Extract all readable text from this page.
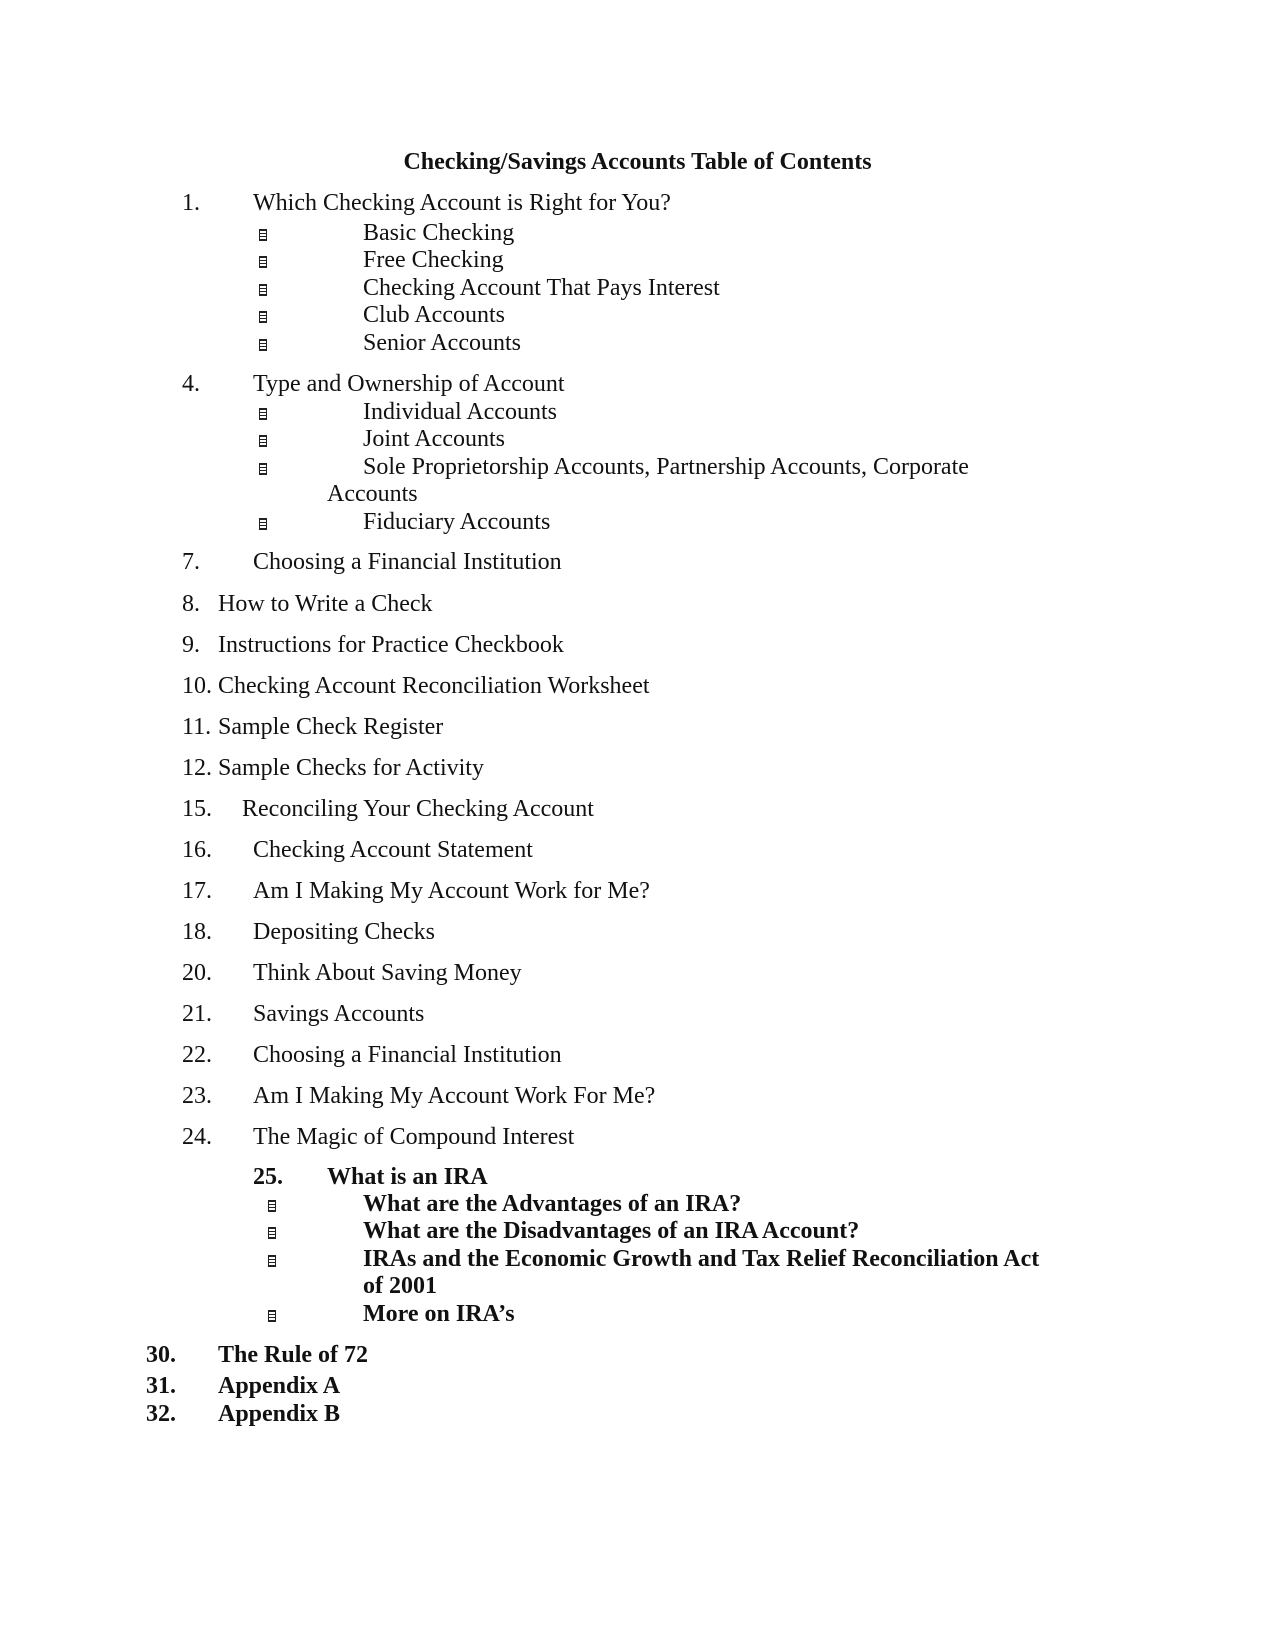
Checking/Savings Accounts Table of Contents
1. Which Checking Account is Right for You?
Basic Checking
Free Checking
Checking Account That Pays Interest
Club Accounts
Senior Accounts
4. Type and Ownership of Account
Individual Accounts
Joint Accounts
Sole Proprietorship Accounts, Partnership Accounts, Corporate
Accounts
Fiduciary Accounts
7. Choosing a Financial Institution
8. How to Write a Check
9. Instructions for Practice Checkbook
10. Checking Account Reconciliation Worksheet
11. Sample Check Register
12. Sample Checks for Activity
15. Reconciling Your Checking Account
16. Checking Account Statement
17. Am I Making My Account Work for Me?
18. Depositing Checks
20. Think About Saving Money
21. Savings Accounts
22. Choosing a Financial Institution
23. Am I Making My Account Work For Me?
24. The Magic of Compound Interest
25. What is an IRA
What are the Advantages of an IRA?
What are the Disadvantages of an IRA Account?
IRAs and the Economic Growth and Tax Relief Reconciliation Act
of 2001
More on IRA’s
30. The Rule of 72
31. Appendix A
32. Appendix B
